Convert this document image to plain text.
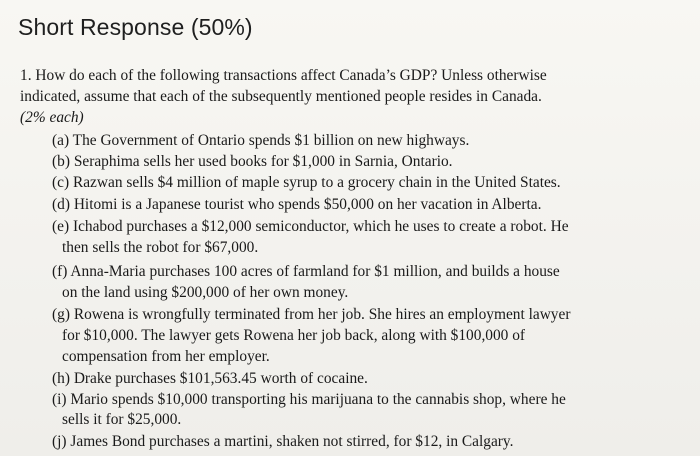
Short Response (50%)
1. How do each of the following transactions affect Canada’s GDP? Unless otherwise
indicated, assume that each of the subsequently mentioned people resides in Canada.
(2% each)
(a) The Government of Ontario spends $1 billion on new highways.
(b) Seraphima sells her used books for $1,000 in Sarnia, Ontario.
(c) Razwan sells $4 million of maple syrup to a grocery chain in the United States.
(d) Hitomi is a Japanese tourist who spends $50,000 on her vacation in Alberta.
(e) Ichabod purchases a $12,000 semiconductor, which he uses to create a robot. He
then sells the robot for $67,000.
(f) Anna-Maria purchases 100 acres of farmland for $1 million, and builds a house
on the land using $200,000 of her own money.
(g) Rowena is wrongfully terminated from her job. She hires an employment lawyer
for $10,000. The lawyer gets Rowena her job back, along with $100,000 of
compensation from her employer.
(h) Drake purchases $101,563.45 worth of cocaine.
(i) Mario spends $10,000 transporting his marijuana to the cannabis shop, where he
sells it for $25,000.
(j) James Bond purchases a martini, shaken not stirred, for $12, in Calgary.
